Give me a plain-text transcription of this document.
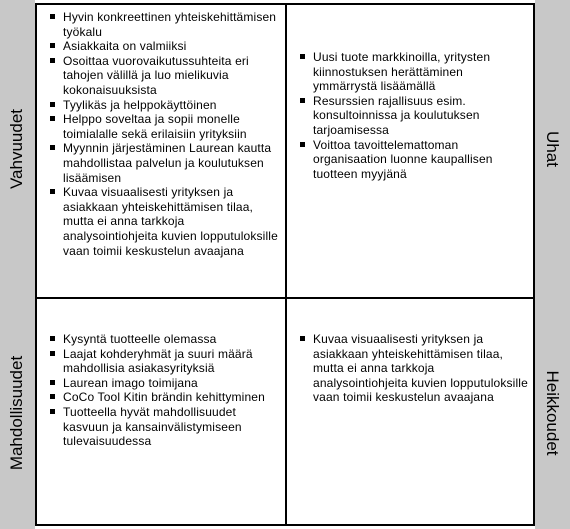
Vahvuudet
Mahdollisuudet
Uhat
Heikkoudet
Hyvin konkreettinen yhteiskehittämisen työkalu
Asiakkaita on valmiiksi
Osoittaa vuorovaikutussuhteita eri tahojen välillä ja luo mielikuvia kokonaisuuksista
Tyylikäs ja helppokäyttöinen
Helppo soveltaa ja sopii monelle toimialalle sekä erilaisiin yrityksiin
Myynnin järjestäminen Laurean kautta mahdollistaa palvelun ja koulutuksen lisäämisen
Kuvaa visuaalisesti yrityksen ja asiakkaan yhteiskehittämisen tilaa, mutta ei anna tarkkoja analysointiohjeita kuvien lopputuloksille vaan toimii keskustelun avaajana
Uusi tuote markkinoilla, yritysten kiinnostuksen herättäminen ymmärrystä lisäämällä
Resurssien rajallisuus esim. konsultoinnissa ja koulutuksen tarjoamisessa
Voittoa tavoittelemattoman organisaation luonne kaupallisen tuotteen myyjänä
Kysyntä tuotteelle olemassa
Laajat kohderyhmät ja suuri määrä mahdollisia asiakasyrityksiä
Laurean imago toimijana
CoCo Tool Kitin brändin kehittyminen
Tuotteella hyvät mahdollisuudet kasvuun ja kansainvälistymiseen tulevaisuudessa
Kuvaa visuaalisesti yrityksen ja asiakkaan yhteiskehittämisen tilaa, mutta ei anna tarkkoja analysointiohjeita kuvien lopputuloksille vaan toimii keskustelun avaajana
